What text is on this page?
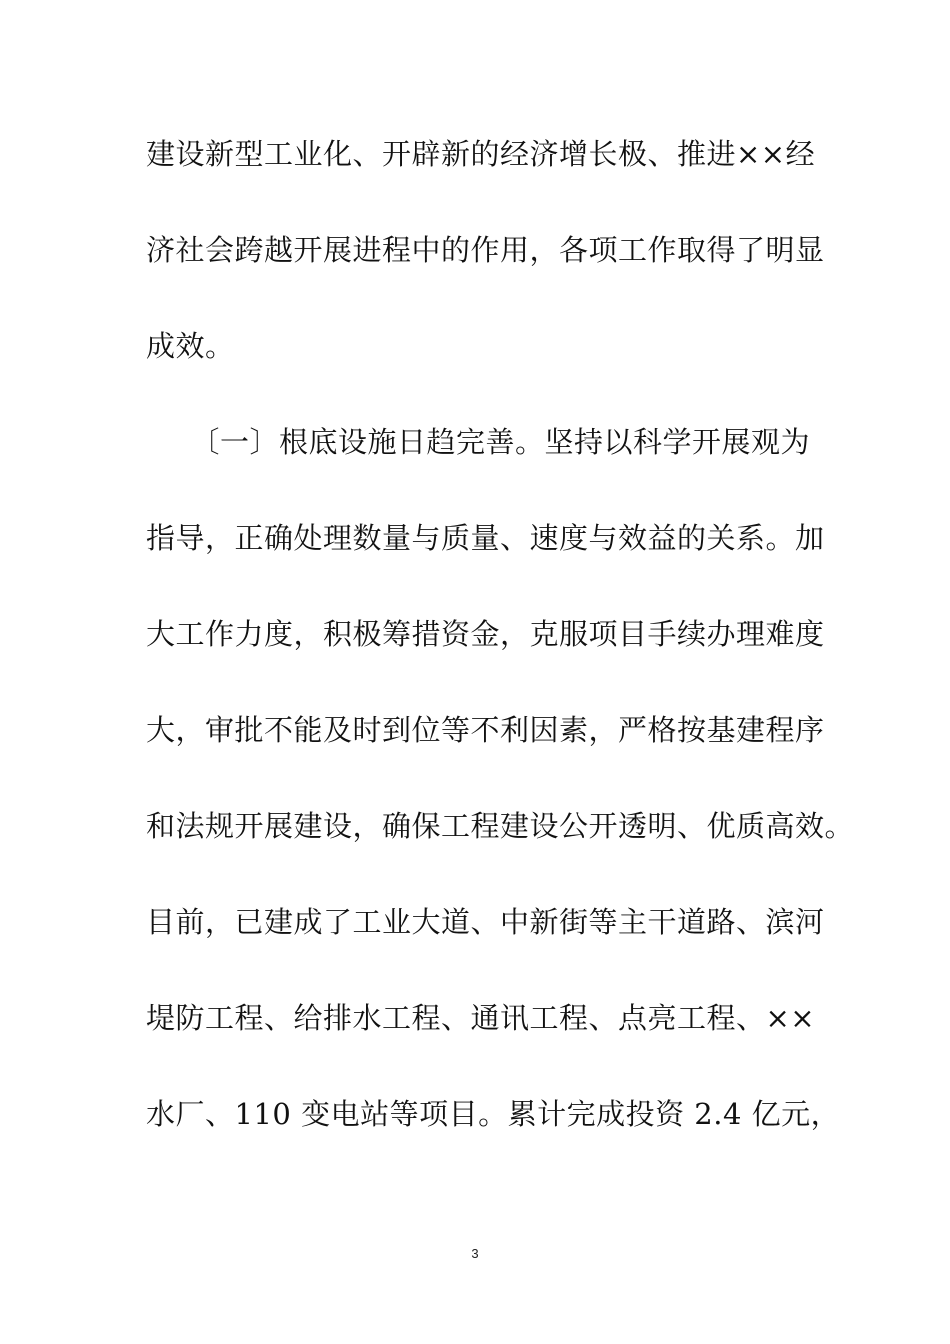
建设新型工业化、开辟新的经济增长极、推进××经
济社会跨越开展进程中的作用，各项工作取得了明显
成效。
　　〔一〕根底设施日趋完善。坚持以科学开展观为
指导，正确处理数量与质量、速度与效益的关系。加
大工作力度，积极筹措资金，克服项目手续办理难度
大，审批不能及时到位等不利因素，严格按基建程序
和法规开展建设，确保工程建设公开透明、优质高效。
目前，已建成了工业大道、中新街等主干道路、滨河
堤防工程、给排水工程、通讯工程、点亮工程、××
水厂、110 变电站等项目。累计完成投资 2.4 亿元，
3
